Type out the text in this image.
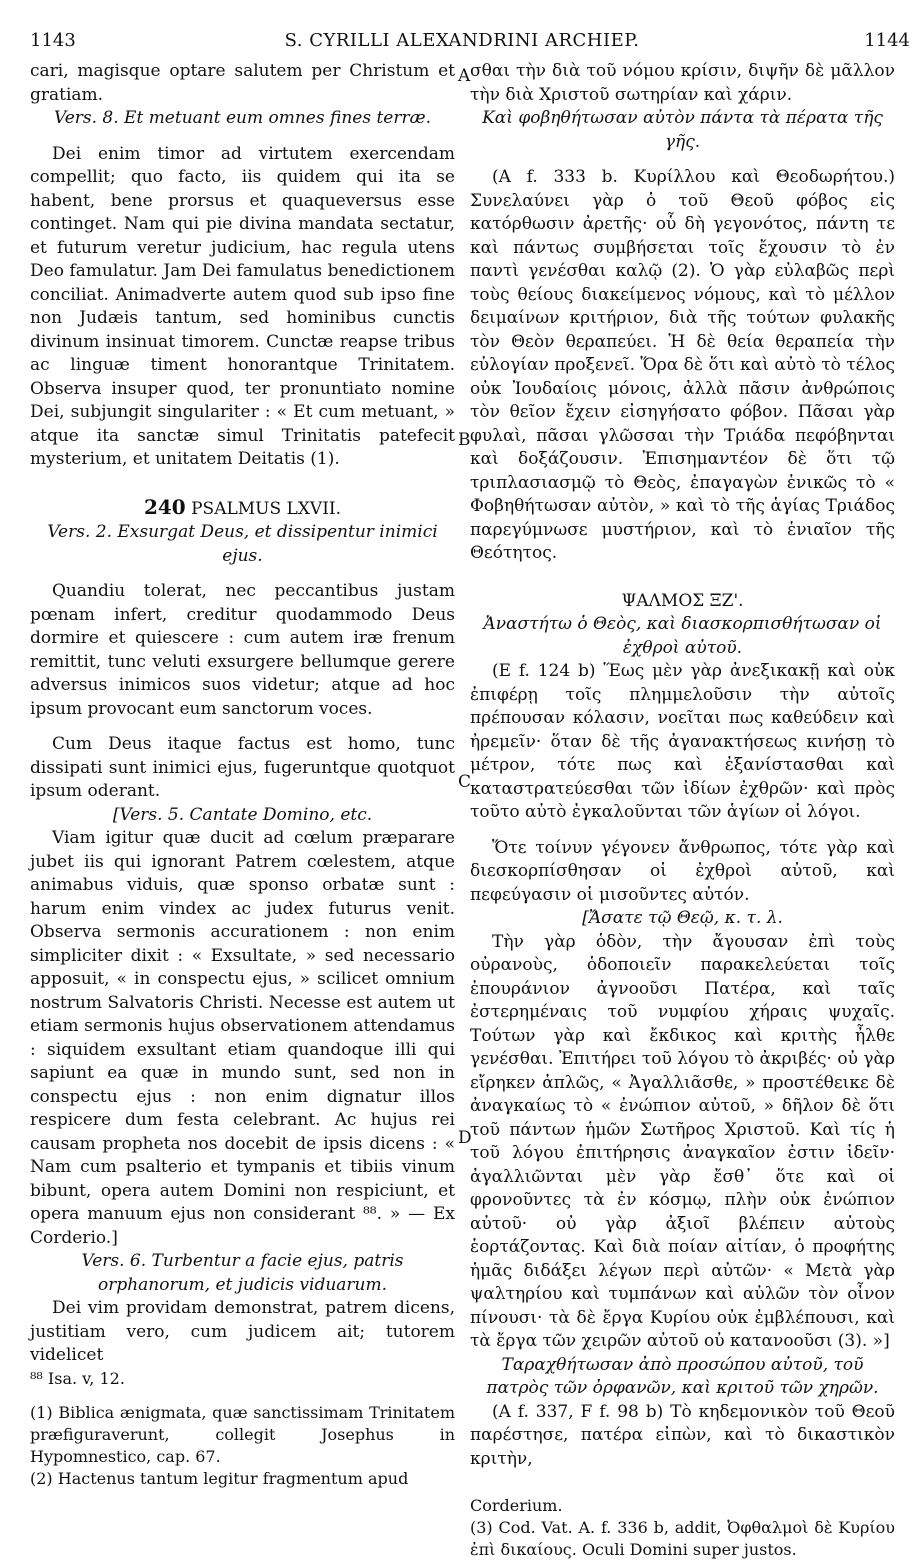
1143	S. CYRILLI ALEXANDRINI ARCHIEP.	1144
A
B
C
D

cari, magisque optare salutem per Christum et gratiam.

Vers. 8. Et metuant eum omnes fines terræ.

Dei enim timor ad virtutem exercendam compellit; quo facto, iis quidem qui ita se habent, bene prorsus et quaqueversus esse continget. Nam qui pie divina mandata sectatur, et futurum veretur judicium, hac regula utens Deo famulatur. Jam Dei famulatus benedictionem conciliat. Animadverte autem quod sub ipso fine non Judæis tantum, sed hominibus cunctis divinum insinuat timorem. Cunctæ reapse tribus ac linguæ timent honorantque Trinitatem. Observa insuper quod, ter pronuntiato nomine Dei, subjungit singulariter : « Et cum metuant, » atque ita sanctæ simul Trinitatis patefecit mysterium, et unitatem Deitatis (1).

240 PSALMUS LXVII.

Vers. 2. Exsurgat Deus, et dissipentur inimici ejus.

Quandiu tolerat, nec peccantibus justam pœnam infert, creditur quodammodo Deus dormire et quiescere : cum autem iræ frenum remittit, tunc veluti exsurgere bellumque gerere adversus inimicos suos videtur; atque ad hoc ipsum provocant eum sanctorum voces.

Cum Deus itaque factus est homo, tunc dissipati sunt inimici ejus, fugeruntque quotquot ipsum oderant.

[Vers. 5. Cantate Domino, etc.

Viam igitur quæ ducit ad cœlum præparare jubet iis qui ignorant Patrem cœlestem, atque animabus viduis, quæ sponso orbatæ sunt : harum enim vindex ac judex futurus venit. Observa sermonis accurationem : non enim simpliciter dixit : « Exsultate, » sed necessario apposuit, « in conspectu ejus, » scilicet omnium nostrum Salvatoris Christi. Necesse est autem ut etiam sermonis hujus observationem attendamus : siquidem exsultant etiam quandoque illi qui sapiunt ea quæ in mundo sunt, sed non in conspectu ejus : non enim dignatur illos respicere dum festa celebrant. Ac hujus rei causam propheta nos docebit de ipsis dicens : « Nam cum psalterio et tympanis et tibiis vinum bibunt, opera autem Domini non respiciunt, et opera manuum ejus non considerant ⁸⁸. » — Ex Corderio.]

Vers. 6. Turbentur a facie ejus, patris orphanorum, et judicis viduarum.

Dei vim providam demonstrat, patrem dicens, justitiam vero, cum judicem ait; tutorem videlicet

⁸⁸ Isa. v, 12.

(1) Biblica ænigmata, quæ sanctissimam Trinitatem præfiguraverunt, collegit Josephus in Hypomnestico, cap. 67.

(2) Hactenus tantum legitur fragmentum apud

σθαι τὴν διὰ τοῦ νόμου κρίσιν, διψῆν δὲ μᾶλλον τὴν διὰ Χριστοῦ σωτηρίαν καὶ χάριν.

Καὶ φοβηθήτωσαν αὐτὸν πάντα τὰ πέρατα τῆς γῆς.

(A f. 333 b. Κυρίλλου καὶ Θεοδωρήτου.) Συνελαύνει γὰρ ὁ τοῦ Θεοῦ φόβος εἰς κατόρθωσιν ἀρετῆς· οὗ δὴ γεγονότος, πάντη τε καὶ πάντως συμβήσεται τοῖς ἔχουσιν τὸ ἐν παντὶ γενέσθαι καλῷ (2). Ὁ γὰρ εὐλαβῶς περὶ τοὺς θείους διακείμενος νόμους, καὶ τὸ μέλλον δειμαίνων κριτήριον, διὰ τῆς τούτων φυλακῆς τὸν Θεὸν θεραπεύει. Ἡ δὲ θεία θεραπεία τὴν εὐλογίαν προξενεῖ. Ὅρα δὲ ὅτι καὶ αὐτὸ τὸ τέλος οὐκ Ἰουδαίοις μόνοις, ἀλλὰ πᾶσιν ἀνθρώποις τὸν θεῖον ἔχειν εἰσηγήσατο φόβον. Πᾶσαι γὰρ φυλαὶ, πᾶσαι γλῶσσαι τὴν Τριάδα πεφόβηνται καὶ δοξάζουσιν. Ἐπισημαντέον δὲ ὅτι τῷ τριπλασιασμῷ τὸ Θεὸς, ἐπαγαγὼν ἑνικῶς τὸ « Φοβηθήτωσαν αὐτὸν, » καὶ τὸ τῆς ἁγίας Τριάδος παρεγύμνωσε μυστήριον, καὶ τὸ ἑνιαῖον τῆς Θεότητος.

ΨΑΛΜΟΣ ΞΖ'.

Ἀναστήτω ὁ Θεὸς, καὶ διασκορπισθήτωσαν οἱ ἐχθροὶ αὐτοῦ.

(E f. 124 b) Ἕως μὲν γὰρ ἀνεξικακῇ καὶ οὐκ ἐπιφέρῃ τοῖς πλημμελοῦσιν τὴν αὐτοῖς πρέπουσαν κόλασιν, νοεῖται πως καθεύδειν καὶ ἠρεμεῖν· ὅταν δὲ τῆς ἀγανακτήσεως κινήσῃ τὸ μέτρον, τότε πως καὶ ἐξανίστασθαι καὶ καταστρατεύεσθαι τῶν ἰδίων ἐχθρῶν· καὶ πρὸς τοῦτο αὐτὸ ἐγκαλοῦνται τῶν ἁγίων οἱ λόγοι.

Ὅτε τοίνυν γέγονεν ἄνθρωπος, τότε γὰρ καὶ διεσκορπίσθησαν οἱ ἐχθροὶ αὐτοῦ, καὶ πεφεύγασιν οἱ μισοῦντες αὐτόν.

[Ἄσατε τῷ Θεῷ, κ. τ. λ.

Τὴν γὰρ ὁδὸν, τὴν ἄγουσαν ἐπὶ τοὺς οὐρανοὺς, ὁδοποιεῖν παρακελεύεται τοῖς ἐπουράνιον ἀγνοοῦσι Πατέρα, καὶ ταῖς ἐστερημέναις τοῦ νυμφίου χήραις ψυχαῖς. Τούτων γὰρ καὶ ἔκδικος καὶ κριτὴς ἦλθε γενέσθαι. Ἐπιτήρει τοῦ λόγου τὸ ἀκριβές· οὐ γὰρ εἴρηκεν ἁπλῶς, « Ἀγαλλιᾶσθε, » προστέθεικε δὲ ἀναγκαίως τὸ « ἐνώπιον αὐτοῦ, » δῆλον δὲ ὅτι τοῦ πάντων ἡμῶν Σωτῆρος Χριστοῦ. Καὶ τίς ἡ τοῦ λόγου ἐπιτήρησις ἀναγκαῖον ἐστιν ἰδεῖν· ἀγαλλιῶνται μὲν γὰρ ἔσθ᾽ ὅτε καὶ οἱ φρονοῦντες τὰ ἐν κόσμῳ, πλὴν οὐκ ἐνώπιον αὐτοῦ· οὐ γὰρ ἀξιοῖ βλέπειν αὐτοὺς ἑορτάζοντας. Καὶ διὰ ποίαν αἰτίαν, ὁ προφήτης ἡμᾶς διδάξει λέγων περὶ αὐτῶν· « Μετὰ γὰρ ψαλτηρίου καὶ τυμπάνων καὶ αὐλῶν τὸν οἶνον πίνουσι· τὰ δὲ ἔργα Κυρίου οὐκ ἐμβλέπουσι, καὶ τὰ ἔργα τῶν χειρῶν αὐτοῦ οὐ κατανοοῦσι (3). »]

Ταραχθήτωσαν ἀπὸ προσώπου αὐτοῦ, τοῦ πατρὸς τῶν ὀρφανῶν, καὶ κριτοῦ τῶν χηρῶν.

(A f. 337, F f. 98 b) Τὸ κηδεμονικὸν τοῦ Θεοῦ παρέστησε, πατέρα εἰπὼν, καὶ τὸ δικαστικὸν κριτὴν,

Corderium.

(3) Cod. Vat. A. f. 336 b, addit, Ὀφθαλμοὶ δὲ Κυρίου ἐπὶ δικαίους. Oculi Domini super justos.
